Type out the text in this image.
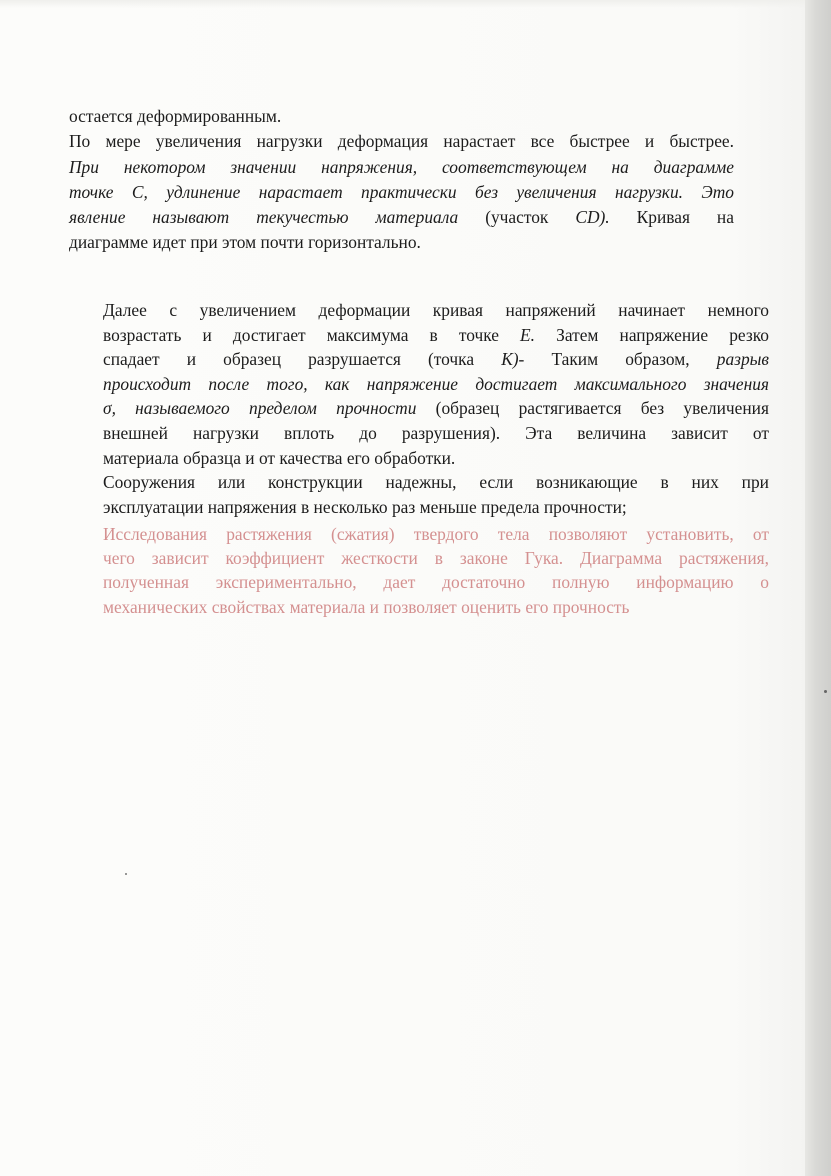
остается деформированным.
По мере увеличения нагрузки деформация нарастает все быстрее и быстрее.
При некотором значении напряжения, соответствующем на диаграмме
точке С, удлинение нарастает практически без увеличения нагрузки. Это
явление называют текучестью материала (участок CD). Кривая на
диаграмме идет при этом почти горизонтально.
Далее с увеличением деформации кривая напряжений начинает немного
возрастать и достигает максимума в точке Е. Затем напряжение резко
спадает и образец разрушается (точка К)- Таким образом, разрыв
происходит после того, как напряжение достигает максимального значения
σ, называемого пределом прочности (образец растягивается без увеличения
внешней нагрузки вплоть до разрушения). Эта величина зависит от
материала образца и от качества его обработки.
Сооружения или конструкции надежны, если возникающие в них при
эксплуатации напряжения в несколько раз меньше предела прочности;
Исследования растяжения (сжатия) твердого тела позволяют установить, от
чего зависит коэффициент жесткости в законе Гука. Диаграмма растяжения,
полученная экспериментально, дает достаточно полную информацию о
механических свойствах материала и позволяет оценить его прочность
